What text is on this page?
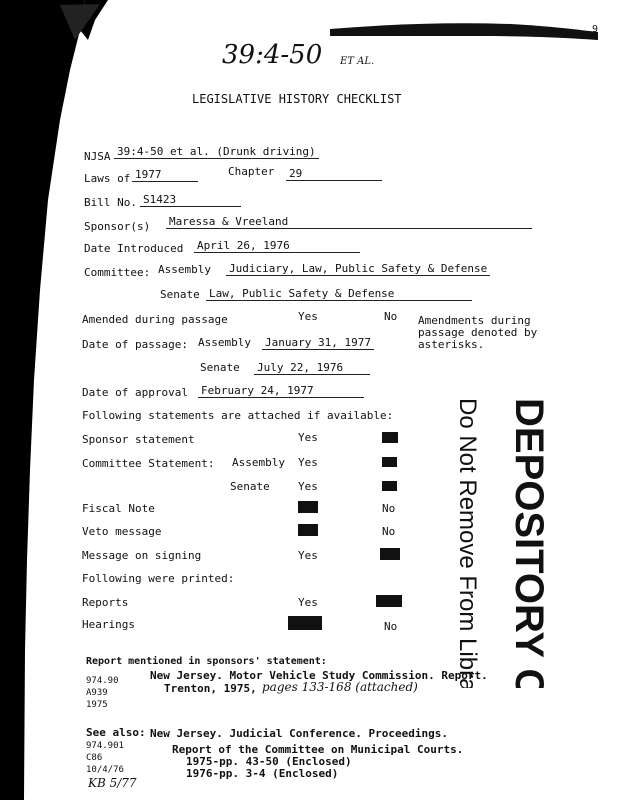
9
39:4-50 ET AL.
LEGISLATIVE HISTORY CHECKLIST
NJSA 39:4-50 et al. (Drunk driving)
Laws of 1977	Chapter 29
Bill No. S1423
Sponsor(s) Maressa & Vreeland
Date Introduced April 26, 1976
Committee: Assembly Judiciary, Law, Public Safety & Defense
Senate Law, Public Safety & Defense
Amended during passage	Yes	No Amendments during
passage denoted by
asterisks.
Date of passage: Assembly January 31, 1977
Senate July 22, 1976
Date of approval February 24, 1977
Following statements are attached if available:
Sponsor statement	Yes
Committee Statement: Assembly Yes
Senate	Yes
Fiscal Note	No
Veto message	No
Message on signing	Yes
Following were printed:
Reports	Yes
Hearings	No	DEPOSITORY COPY
Do Not Remove From Library
Report mentioned in sponsors' statement:
New Jersey. Motor Vehicle Study Commission. Report.
Trenton, 1975, pages 133-168 (attached)
974.90
A939
1975
See also: New Jersey. Judicial Conference. Proceedings.
Report of the Committee on Municipal Courts.
1975-pp. 43-50 (Enclosed)
1976-pp. 3-4 (Enclosed)
974.901
C86
10/4/76
KB 5/77
